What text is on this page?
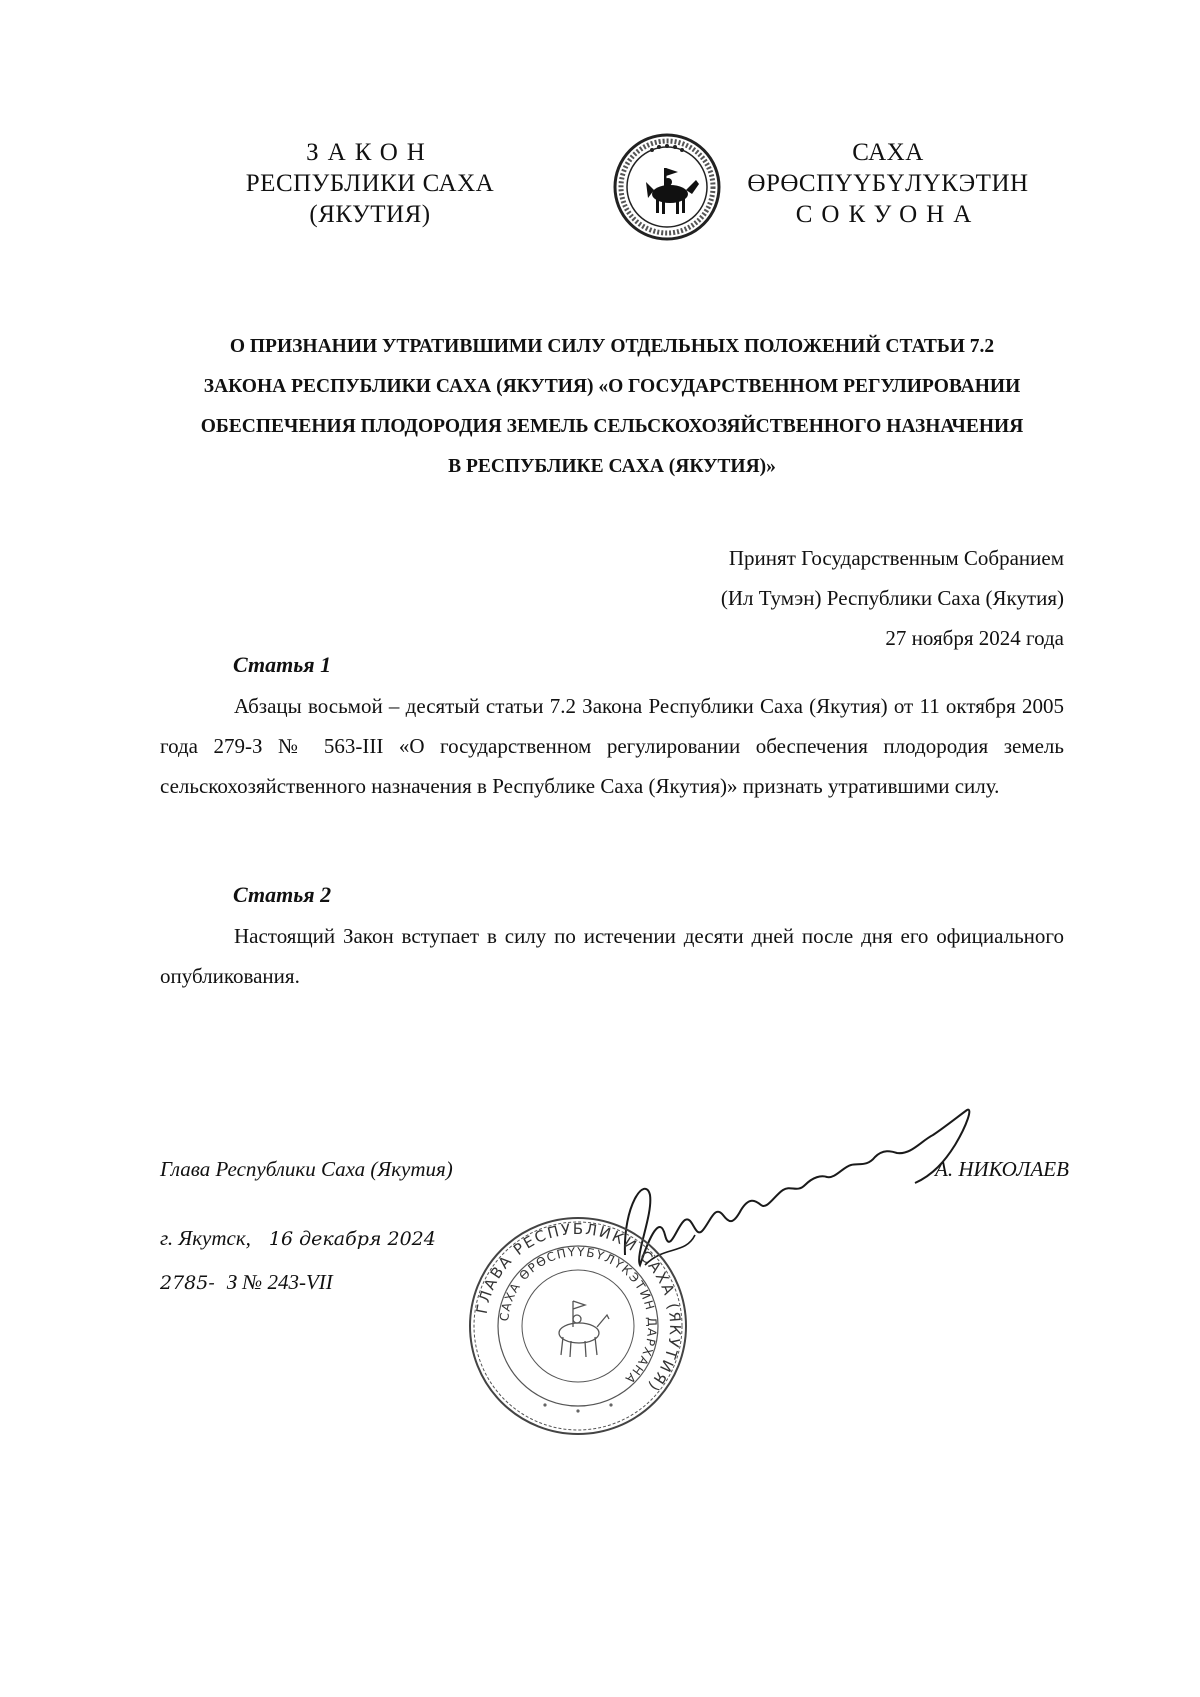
ЗАКОН
РЕСПУБЛИКИ САХА (ЯКУТИЯ)
САХА ӨРӨСПҮҮБҮЛҮКЭТИН
СОКУОНА
О ПРИЗНАНИИ УТРАТИВШИМИ СИЛУ ОТДЕЛЬНЫХ ПОЛОЖЕНИЙ СТАТЬИ 7.2
ЗАКОНА РЕСПУБЛИКИ САХА (ЯКУТИЯ) «О ГОСУДАРСТВЕННОМ РЕГУЛИРОВАНИИ
ОБЕСПЕЧЕНИЯ ПЛОДОРОДИЯ ЗЕМЕЛЬ СЕЛЬСКОХОЗЯЙСТВЕННОГО НАЗНАЧЕНИЯ
В РЕСПУБЛИКЕ САХА (ЯКУТИЯ)»
Принят Государственным Собранием
(Ил Тумэн) Республики Саха (Якутия)
27 ноября 2024 года
Статья 1
Абзацы восьмой – десятый статьи 7.2 Закона Республики Саха (Якутия) от 11 октября 2005 года 279-З № 563-III «О государственном регулировании обеспечения плодородия земель сельскохозяйственного назначения в Республике Саха (Якутия)» признать утратившими силу.
Статья 2
Настоящий Закон вступает в силу по истечении десяти дней после дня его официального опубликования.
Глава Республики Саха (Якутия)	А. НИКОЛАЕВ
г. Якутск, 16 декабря 2024
2785- З № 243-VII
ГЛАВА РЕСПУБЛИКИ САХА (ЯКУТИЯ)
САХА ӨРӨСПҮҮБҮЛҮКЭТИН ДАРХАНА
